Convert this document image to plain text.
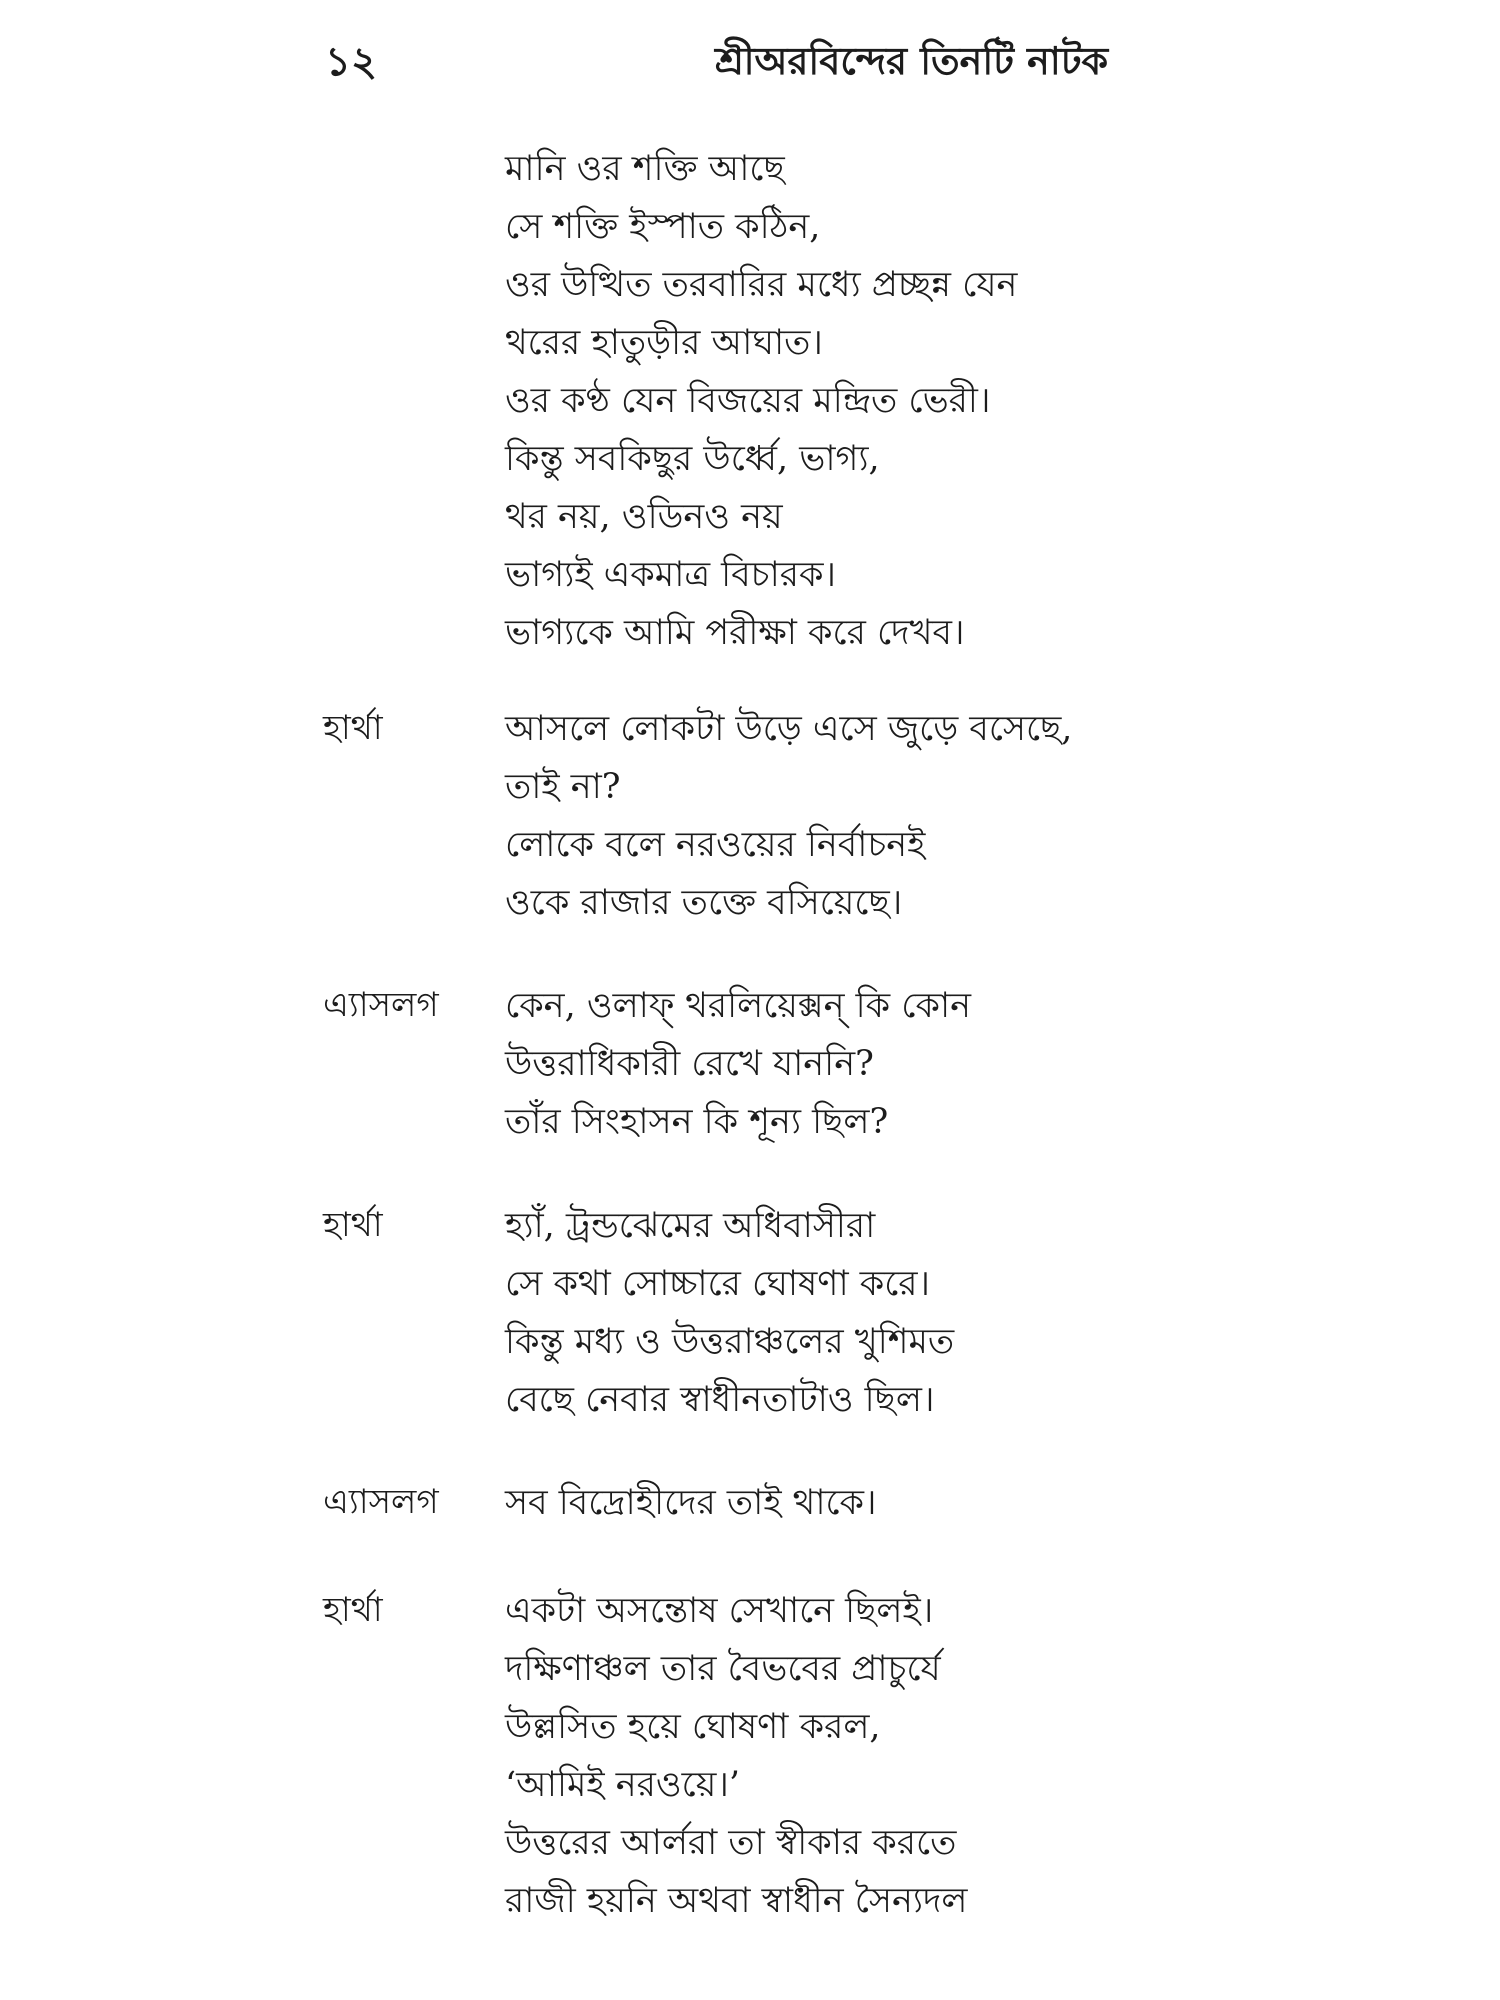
১২	শ্রীঅরবিন্দের তিনটি নাটক
মানি ওর শক্তি আছে
সে শক্তি ইস্পাত কঠিন,
ওর উত্থিত তরবারির মধ্যে প্রচ্ছন্ন যেন
থরের হাতুড়ীর আঘাত।
ওর কণ্ঠ যেন বিজয়ের মন্দ্রিত ভেরী।
কিন্তু সবকিছুর উর্ধ্বে, ভাগ্য,
থর নয়, ওডিনও নয়
ভাগ্যই একমাত্র বিচারক।
ভাগ্যকে আমি পরীক্ষা করে দেখব।
হার্থা	আসলে লোকটা উড়ে এসে জুড়ে বসেছে,
তাই না?
লোকে বলে নরওয়ের নির্বাচনই
ওকে রাজার তক্তে বসিয়েছে।
এ্যাসলগ কেন, ওলাফ্ থরলিয়েক্সন্ কি কোন
উত্তরাধিকারী রেখে যাননি?
তাঁর সিংহাসন কি শূন্য ছিল?
হার্থা	হ্যাঁ, ট্রন্ডঝেমের অধিবাসীরা
সে কথা সোচ্চারে ঘোষণা করে।
কিন্তু মধ্য ও উত্তরাঞ্চলের খুশিমত
বেছে নেবার স্বাধীনতাটাও ছিল।
এ্যাসলগ সব বিদ্রোহীদের তাই থাকে।
হার্থা	একটা অসন্তোষ সেখানে ছিলই।
দক্ষিণাঞ্চল তার বৈভবের প্রাচুর্যে
উল্লসিত হয়ে ঘোষণা করল,
‘আমিই নরওয়ে।’
উত্তরের আর্লরা তা স্বীকার করতে
রাজী হয়নি অথবা স্বাধীন সৈন্যদল
